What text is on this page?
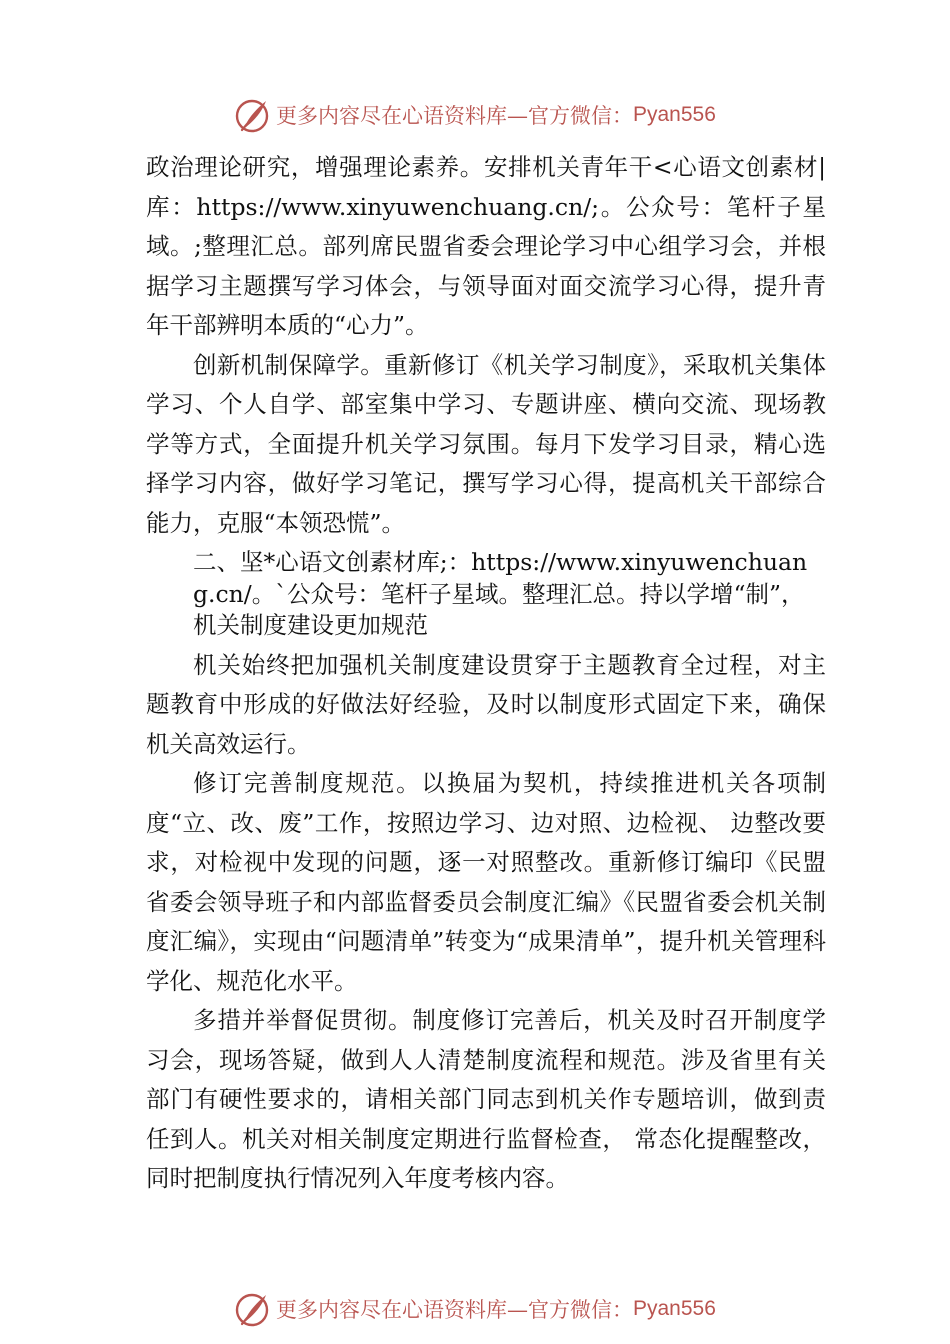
更多内容尽在心语资料库—官方微信： Pyan556

政治理论研究，增强理论素养。安排机关青年干<心语文创素材|库：https://www.xinyuwenchuang.cn/;。公众号：笔杆子星域。;整理汇总。部列席民盟省委会理论学习中心组学习会，并根据学习主题撰写学习体会，与领导面对面交流学习心得，提升青年干部辨明本质的“心力”。

创新机制保障学。重新修订《机关学习制度》，采取机关集体学习、个人自学、部室集中学习、专题讲座、横向交流、现场教学等方式，全面提升机关学习氛围。每月下发学习目录，精心选择学习内容，做好学习笔记，撰写学习心得，提高机关干部综合能力，克服“本领恐慌”。

二、坚*心语文创素材库;：https://www.xinyuwenchuang.cn/。`公众号：笔杆子星域。整理汇总。持以学增“制”，机关制度建设更加规范

机关始终把加强机关制度建设贯穿于主题教育全过程，对主题教育中形成的好做法好经验，及时以制度形式固定下来，确保机关高效运行。

修订完善制度规范。以换届为契机，持续推进机关各项制度“立、改、废”工作，按照边学习、边对照、边检视、 边整改要求，对检视中发现的问题，逐一对照整改。重新修订编印《民盟省委会领导班子和内部监督委员会制度汇编》《民盟省委会机关制度汇编》，实现由“问题清单”转变为“成果清单”，提升机关管理科学化、规范化水平。

多措并举督促贯彻。制度修订完善后，机关及时召开制度学习会，现场答疑，做到人人清楚制度流程和规范。涉及省里有关部门有硬性要求的，请相关部门同志到机关作专题培训，做到责任到人。机关对相关制度定期进行监督检查， 常态化提醒整改，同时把制度执行情况列入年度考核内容。

更多内容尽在心语资料库—官方微信： Pyan556
